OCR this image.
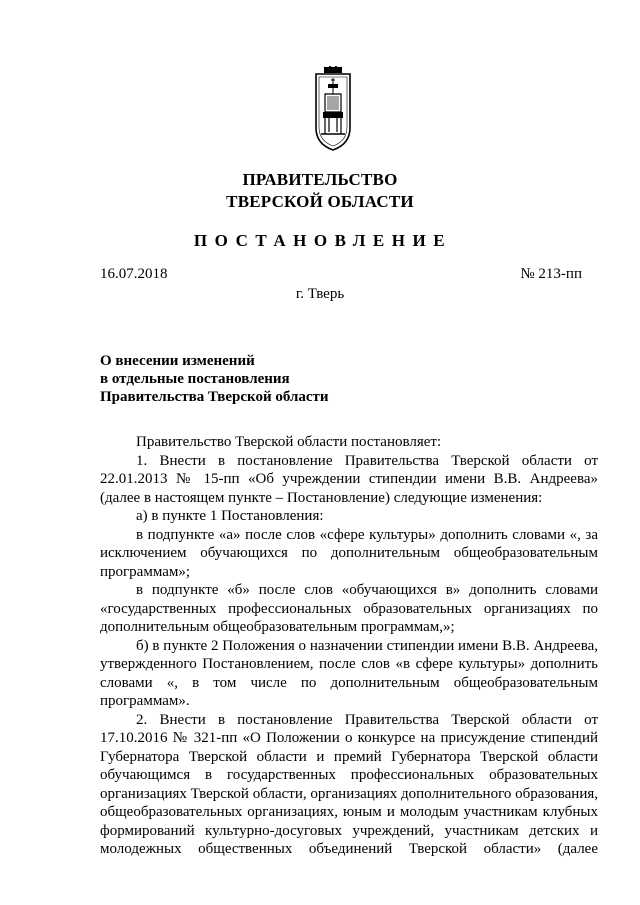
ПРАВИТЕЛЬСТВО
ТВЕРСКОЙ ОБЛАСТИ
ПОСТАНОВЛЕНИЕ
16.07.2018	№ 213-пп
г. Тверь
О внесении изменений
в отдельные постановления
Правительства Тверской области

Правительство Тверской области постановляет:

1. Внести в постановление Правительства Тверской области от 22.01.2013 № 15-пп «Об учреждении стипендии имени В.В. Андреева» (далее в настоящем пункте – Постановление) следующие изменения:

а) в пункте 1 Постановления:

в подпункте «а» после слов «сфере культуры» дополнить словами «, за исключением обучающихся по дополнительным общеобразовательным программам»;

в подпункте «б» после слов «обучающихся в» дополнить словами «государственных профессиональных образовательных организациях по дополнительным общеобразовательным программам,»;

б) в пункте 2 Положения о назначении стипендии имени В.В. Андреева, утвержденного Постановлением, после слов «в сфере культуры» дополнить словами «, в том числе по дополнительным общеобразовательным программам».

2. Внести в постановление Правительства Тверской области от 17.10.2016 № 321-пп «О Положении о конкурсе на присуждение стипендий Губернатора Тверской области и премий Губернатора Тверской области обучающимся в государственных профессиональных образовательных организациях Тверской области, организациях дополнительного образования, общеобразовательных организациях, юным и молодым участникам клубных формирований культурно-досуговых учреждений, участникам детских и молодежных общественных объединений Тверской области» (далее
